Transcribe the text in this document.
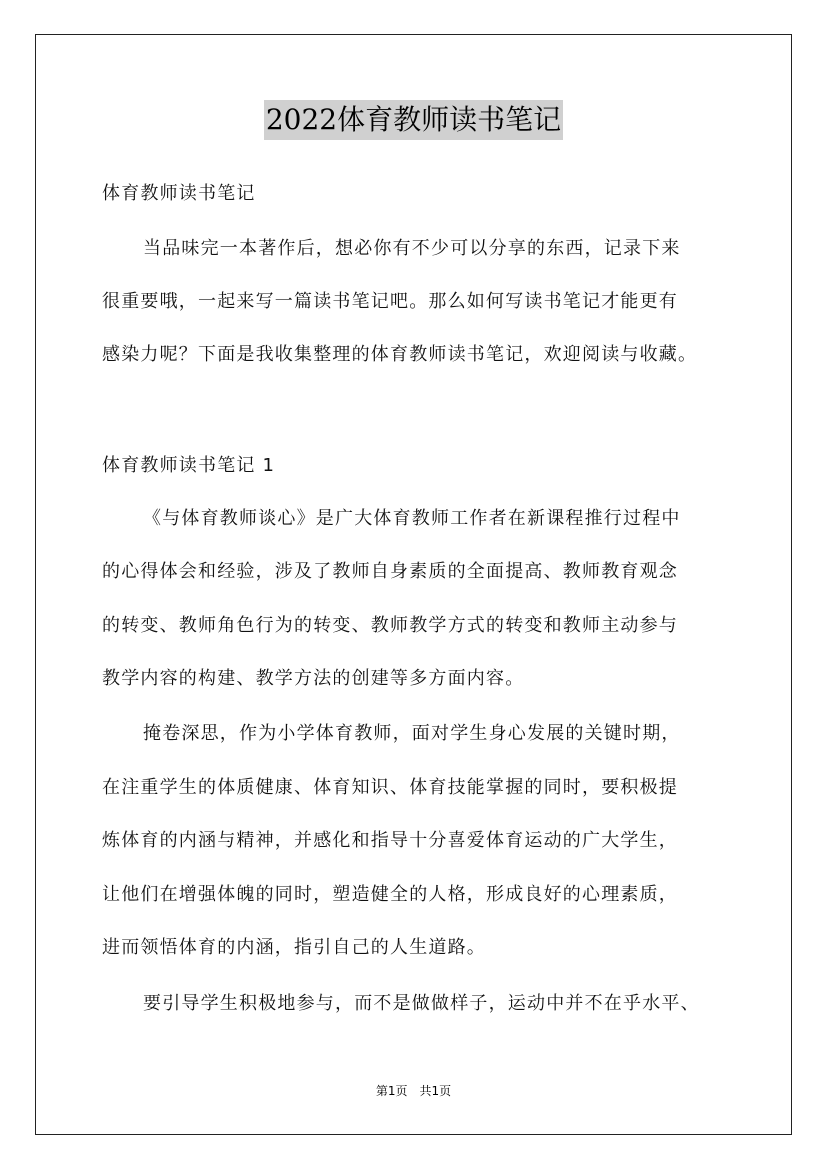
2022体育教师读书笔记
体育教师读书笔记
当品味完一本著作后，想必你有不少可以分享的东西，记录下来
很重要哦，一起来写一篇读书笔记吧。那么如何写读书笔记才能更有
感染力呢？下面是我收集整理的体育教师读书笔记，欢迎阅读与收藏。
体育教师读书笔记 1
《与体育教师谈心》是广大体育教师工作者在新课程推行过程中
的心得体会和经验，涉及了教师自身素质的全面提高、教师教育观念
的转变、教师角色行为的转变、教师教学方式的转变和教师主动参与
教学内容的构建、教学方法的创建等多方面内容。
掩卷深思，作为小学体育教师，面对学生身心发展的关键时期，
在注重学生的体质健康、体育知识、体育技能掌握的同时，要积极提
炼体育的内涵与精神，并感化和指导十分喜爱体育运动的广大学生，
让他们在增强体魄的同时，塑造健全的人格，形成良好的心理素质，
进而领悟体育的内涵，指引自己的人生道路。
要引导学生积极地参与，而不是做做样子，运动中并不在乎水平、
第1页　共1页
